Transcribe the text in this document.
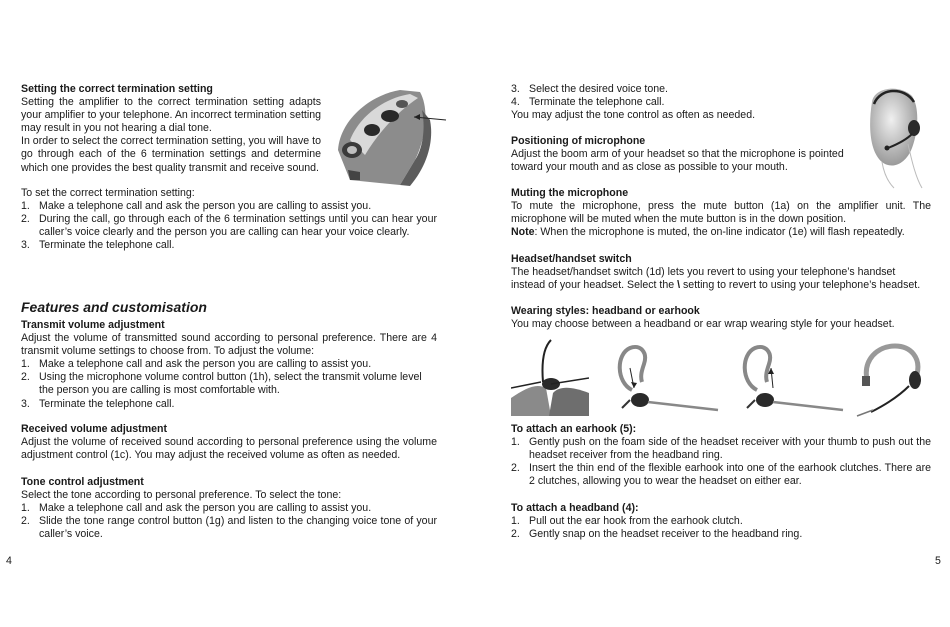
Setting the correct termination setting
Setting the amplifier to the correct termination setting adapts your amplifier to your telephone. An incorrect termination setting may result in you not hearing a dial tone.
In order to select the correct termination setting, you will have to go through each of the 6 termination settings and determine which one provides the best quality transmit and receive sound.
To set the correct termination setting:
1. Make a telephone call and ask the person you are calling to assist you.
2. During the call, go through each of the 6 termination settings until you can hear your caller’s voice clearly and the person you are calling can hear your voice clearly.
3. Terminate the telephone call.
Features and customisation
Transmit volume adjustment
Adjust the volume of transmitted sound according to personal preference. There are 4 transmit volume settings to choose from. To adjust the volume:
1. Make a telephone call and ask the person you are calling to assist you.
2. Using the microphone volume control button (1h), select the transmit volume level the person you are calling is most comfortable with.
3. Terminate the telephone call.
Received volume adjustment
Adjust the volume of received sound according to personal preference using the volume adjustment control (1c). You may adjust the received volume as often as needed.
Tone control adjustment
Select the tone according to personal preference. To select the tone:
1. Make a telephone call and ask the person you are calling to assist you.
2. Slide the tone range control button (1g) and listen to the changing voice tone of your caller’s voice.
4
3. Select the desired voice tone.
4. Terminate the telephone call.
You may adjust the tone control as often as needed.
Positioning of microphone
Adjust the boom arm of your headset so that the microphone is pointed toward your mouth and as close as possible to your mouth.
Muting the microphone
To mute the microphone, press the mute button (1a) on the amplifier unit. The microphone will be muted when the mute button is in the down position.
Note: When the microphone is muted, the on-line indicator (1e) will flash repeatedly.
Headset/handset switch
The headset/handset switch (1d) lets you revert to using your telephone’s handset instead of your headset. Select the \ setting to revert to using your telephone’s headset.
Wearing styles: headband or earhook
You may choose between a headband or ear wrap wearing style for your headset.
To attach an earhook (5):
1. Gently push on the foam side of the headset receiver with your thumb to push out the headset receiver from the headband ring.
2. Insert the thin end of the flexible earhook into one of the earhook clutches. There are 2 clutches, allowing you to wear the headset on either ear.
To attach a headband (4):
1. Pull out the ear hook from the earhook clutch.
2. Gently snap on the headset receiver to the headband ring.
5
